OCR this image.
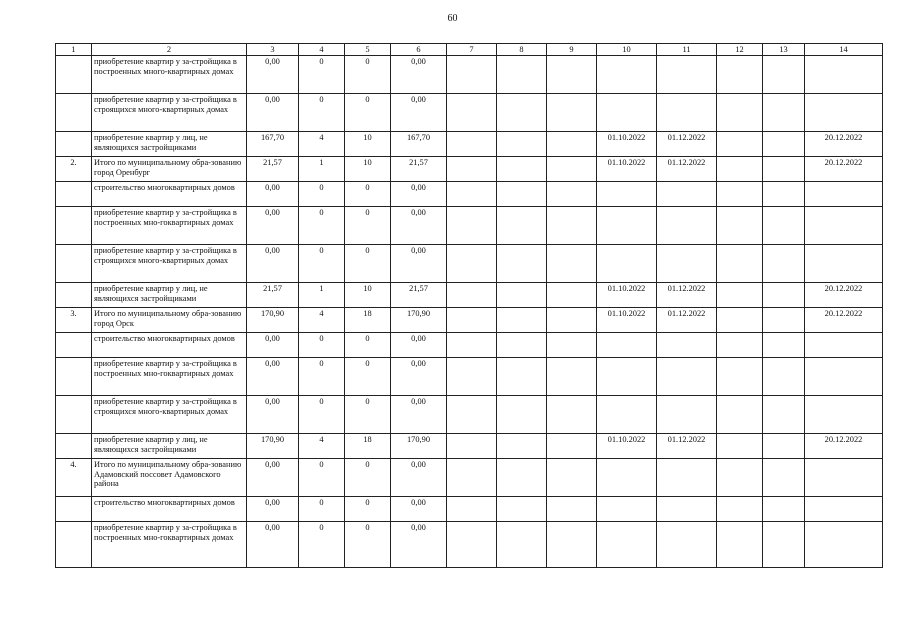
60
1	2	3	4	5	6	7	8	9	10	11	12	13	14
	приобретение квартир у за-стройщика в построенных много-квартирных домах	0,00	0	0	0,00								
	приобретение квартир у за-стройщика в строящихся много-квартирных домах	0,00	0	0	0,00								
	приобретение квартир у лиц, не являющихся застройщиками	167,70	4	10	167,70				01.10.2022	01.12.2022			20.12.2022
2.	Итого по муниципальному обра-зованию город Оренбург	21,57	1	10	21,57				01.10.2022	01.12.2022			20.12.2022
	строительство многоквартирных домов	0,00	0	0	0,00								
	приобретение квартир у за-стройщика в построенных мно-гоквартирных домах	0,00	0	0	0,00								
	приобретение квартир у за-стройщика в строящихся много-квартирных домах	0,00	0	0	0,00								
	приобретение квартир у лиц, не являющихся застройщиками	21,57	1	10	21,57				01.10.2022	01.12.2022			20.12.2022
3.	Итого по муниципальному обра-зованию город Орск	170,90	4	18	170,90				01.10.2022	01.12.2022			20.12.2022
	строительство многоквартирных домов	0,00	0	0	0,00								
	приобретение квартир у за-стройщика в построенных мно-гоквартирных домах	0,00	0	0	0,00								
	приобретение квартир у за-стройщика в строящихся много-квартирных домах	0,00	0	0	0,00								
	приобретение квартир у лиц, не являющихся застройщиками	170,90	4	18	170,90				01.10.2022	01.12.2022			20.12.2022
4.	Итого по муниципальному обра-зованию Адамовский поссовет Адамовского района	0,00	0	0	0,00								
	строительство многоквартирных домов	0,00	0	0	0,00								
	приобретение квартир у за-стройщика в построенных мно-гоквартирных домах	0,00	0	0	0,00								
